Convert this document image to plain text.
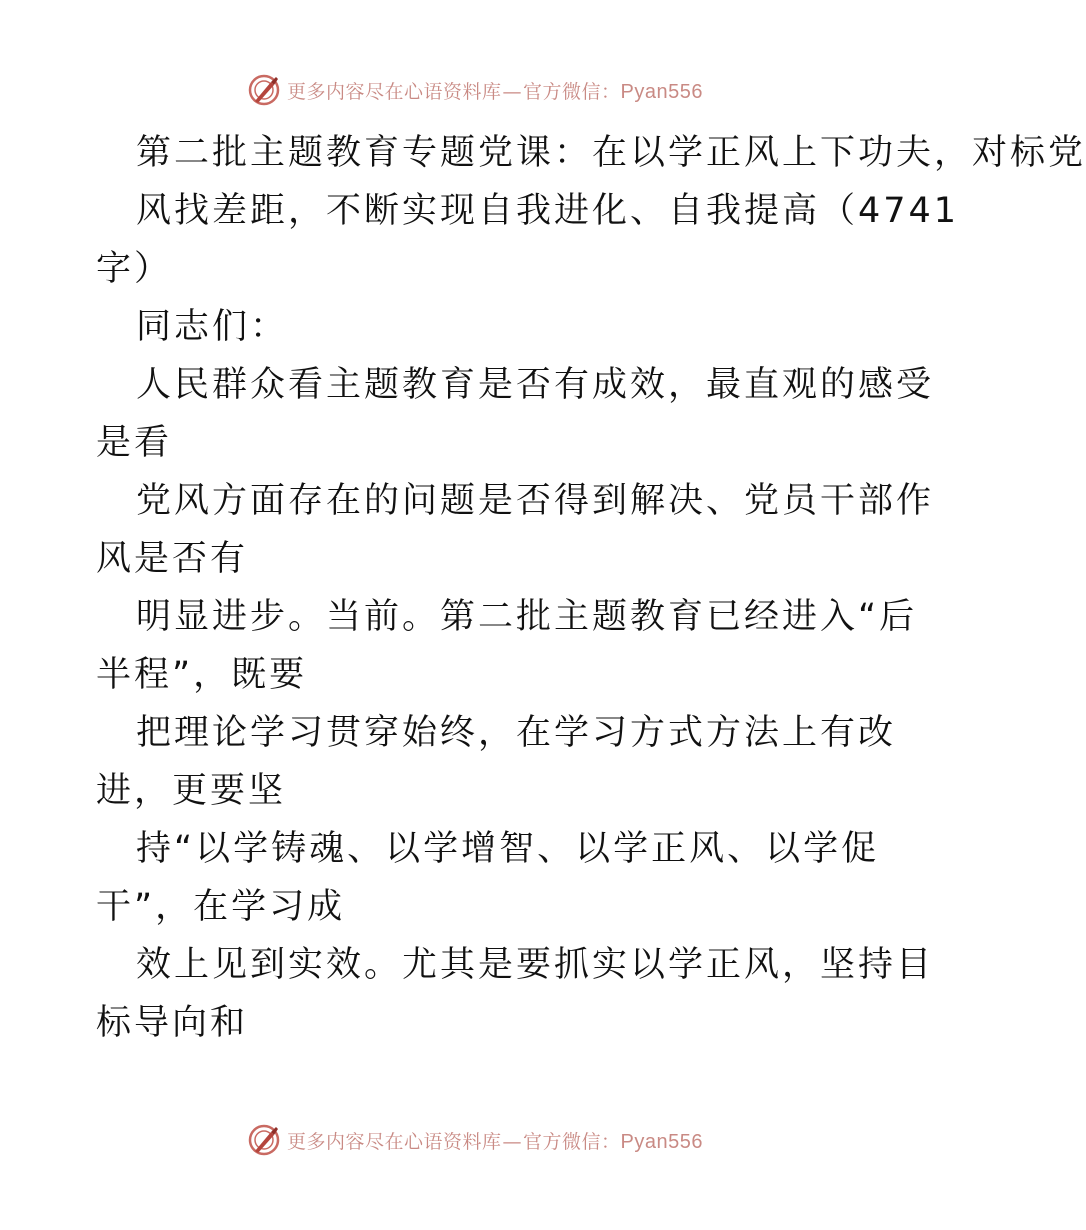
更多内容尽在心语资料库—官方微信：Pyan556
第二批主题教育专题党课：在以学正风上下功夫，对标党
风找差距，不断实现自我进化、自我提高（4741
字）
同志们：
人民群众看主题教育是否有成效，最直观的感受
是看
党风方面存在的问题是否得到解决、党员干部作
风是否有
明显进步。当前。第二批主题教育已经进入“后
半程”，既要
把理论学习贯穿始终，在学习方式方法上有改
进，更要坚
持“以学铸魂、以学增智、以学正风、以学促
干”，在学习成
效上见到实效。尤其是要抓实以学正风，坚持目
标导向和
更多内容尽在心语资料库—官方微信：Pyan556
